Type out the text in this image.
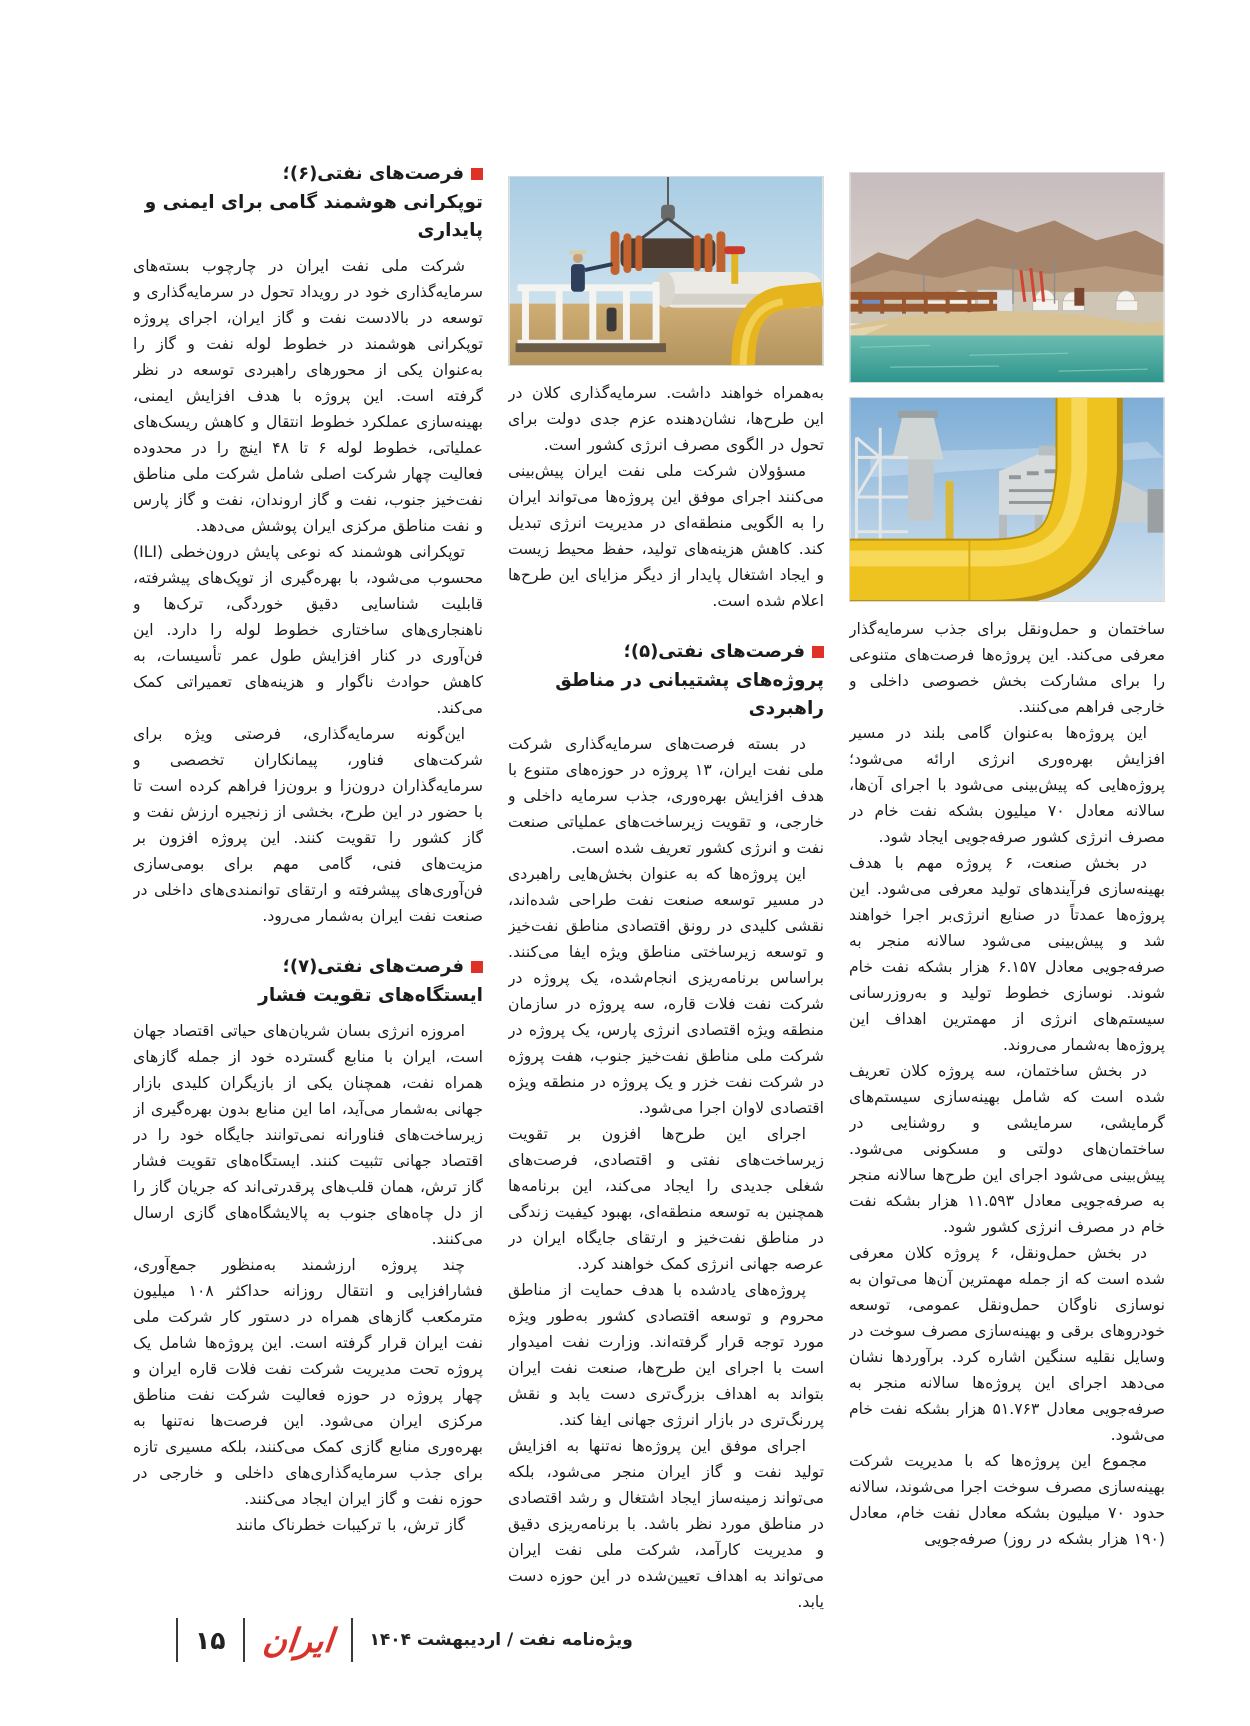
ساختمان و حمل‌ونقل برای جذب سرمایه‌گذار معرفی می‌کند. این پروژه‌ها فرصت‌های متنوعی را برای مشارکت بخش خصوصی داخلی و خارجی فراهم می‌کنند.

این پروژه‌ها به‌عنوان گامی بلند در مسیر افزایش بهره‌وری انرژی ارائه می‌شود؛ پروژه‌هایی که پیش‌بینی می‌شود با اجرای آن‌ها، سالانه معادل ۷۰ میلیون بشکه نفت خام در مصرف انرژی کشور صرفه‌جویی ایجاد شود.

در بخش صنعت، ۶ پروژه مهم با هدف بهینه‌سازی فرآیندهای تولید معرفی می‌شود. این پروژه‌ها عمدتاً در صنایع انرژی‌بر اجرا خواهند شد و پیش‌بینی می‌شود سالانه منجر به صرفه‌جویی معادل ۶.۱۵۷ هزار بشکه نفت خام شوند. نوسازی خطوط تولید و به‌روزرسانی سیستم‌های انرژی از مهمترین اهداف این پروژه‌ها به‌شمار می‌روند.

در بخش ساختمان، سه پروژه کلان تعریف شده است که شامل بهینه‌سازی سیستم‌های گرمایشی، سرمایشی و روشنایی در ساختمان‌های دولتی و مسکونی می‌شود. پیش‌بینی می‌شود اجرای این طرح‌ها سالانه منجر به صرفه‌جویی معادل ۱۱.۵۹۳ هزار بشکه نفت خام در مصرف انرژی کشور شود.

در بخش حمل‌ونقل، ۶ پروژه کلان معرفی شده است که از جمله مهمترین آن‌ها می‌توان به نوسازی ناوگان حمل‌ونقل عمومی، توسعه خودروهای برقی و بهینه‌سازی مصرف سوخت در وسایل نقلیه سنگین اشاره کرد. برآوردها نشان می‌دهد اجرای این پروژه‌ها سالانه منجر به صرفه‌جویی معادل ۵۱.۷۶۳ هزار بشکه نفت خام می‌شود.

مجموع این پروژه‌ها که با مدیریت شرکت بهینه‌سازی مصرف سوخت اجرا می‌شوند، سالانه حدود ۷۰ میلیون بشکه معادل نفت خام، معادل (۱۹۰ هزار بشکه در روز) صرفه‌جویی

به‌همراه خواهند داشت. سرمایه‌گذاری کلان در این طرح‌ها، نشان‌دهنده عزم جدی دولت برای تحول در الگوی مصرف انرژی کشور است.

مسؤولان شرکت ملی نفت ایران پیش‌بینی می‌کنند اجرای موفق این پروژه‌ها می‌تواند ایران را به الگویی منطقه‌ای در مدیریت انرژی تبدیل کند. کاهش هزینه‌های تولید، حفظ محیط زیست و ایجاد اشتغال پایدار از دیگر مزایای این طرح‌ها اعلام شده است.

فرصت‌های نفتی(۵)؛
پروژه‌های پشتیبانی در مناطق راهبردی

در بسته فرصت‌های سرمایه‌گذاری شرکت ملی نفت ایران، ۱۳ پروژه در حوزه‌های متنوع با هدف افزایش بهره‌وری، جذب سرمایه داخلی و خارجی، و تقویت زیرساخت‌های عملیاتی صنعت نفت و انرژی کشور تعریف شده است.

این پروژه‌ها که به عنوان بخش‌هایی راهبردی در مسیر توسعه صنعت نفت طراحی شده‌اند، نقشی کلیدی در رونق اقتصادی مناطق نفت‌خیز و توسعه زیرساختی مناطق ویژه ایفا می‌کنند. براساس برنامه‌ریزی انجام‌شده، یک پروژه در شرکت نفت فلات قاره، سه پروژه در سازمان منطقه ویژه اقتصادی انرژی پارس، یک پروژه در شرکت ملی مناطق نفت‌خیز جنوب، هفت پروژه در شرکت نفت خزر و یک پروژه در منطقه ویژه اقتصادی لاوان اجرا می‌شود.

اجرای این طرح‌ها افزون بر تقویت زیرساخت‌های نفتی و اقتصادی، فرصت‌های شغلی جدیدی را ایجاد می‌کند، این برنامه‌ها همچنین به توسعه منطقه‌ای، بهبود کیفیت زندگی در مناطق نفت‌خیز و ارتقای جایگاه ایران در عرصه جهانی انرژی کمک خواهند کرد.

پروژه‌های یادشده با هدف حمایت از مناطق محروم و توسعه اقتصادی کشور به‌طور ویژه مورد توجه قرار گرفته‌اند. وزارت نفت امیدوار است با اجرای این طرح‌ها، صنعت نفت ایران بتواند به اهداف بزرگ‌تری دست یابد و نقش پررنگ‌تری در بازار انرژی جهانی ایفا کند.

اجرای موفق این پروژه‌ها نه‌تنها به افزایش تولید نفت و گاز ایران منجر می‌شود، بلکه می‌تواند زمینه‌ساز ایجاد اشتغال و رشد اقتصادی در مناطق مورد نظر باشد. با برنامه‌ریزی دقیق و مدیریت کارآمد، شرکت ملی نفت ایران می‌تواند به اهداف تعیین‌شده در این حوزه دست یابد.

فرصت‌های نفتی(۶)؛
توپکرانی هوشمند گامی برای ایمنی و پایداری

شرکت ملی نفت ایران در چارچوب بسته‌های سرمایه‌گذاری خود در رویداد تحول در سرمایه‌گذاری و توسعه در بالادست نفت و گاز ایران، اجرای پروژه توپکرانی هوشمند در خطوط لوله نفت و گاز را به‌عنوان یکی از محورهای راهبردی توسعه در نظر گرفته است. این پروژه با هدف افزایش ایمنی، بهینه‌سازی عملکرد خطوط انتقال و کاهش ریسک‌های عملیاتی، خطوط لوله ۶ تا ۴۸ اینچ را در محدوده فعالیت چهار شرکت اصلی شامل شرکت ملی مناطق نفت‌خیز جنوب، نفت و گاز اروندان، نفت و گاز پارس و نفت مناطق مرکزی ایران پوشش می‌دهد.

توپکرانی هوشمند که نوعی پایش درون‌خطی (ILI) محسوب می‌شود، با بهره‌گیری از توپک‌های پیشرفته، قابلیت شناسایی دقیق خوردگی، ترک‌ها و ناهنجاری‌های ساختاری خطوط لوله را دارد. این فن‌آوری در کنار افزایش طول عمر تأسیسات، به کاهش حوادث ناگوار و هزینه‌های تعمیراتی کمک می‌کند.

این‌گونه سرمایه‌گذاری، فرصتی ویژه برای شرکت‌های فناور، پیمانکاران تخصصی و سرمایه‌گذاران درون‌زا و برون‌زا فراهم کرده است تا با حضور در این طرح، بخشی از زنجیره ارزش نفت و گاز کشور را تقویت کنند. این پروژه افزون بر مزیت‌های فنی، گامی مهم برای بومی‌سازی فن‌آوری‌های پیشرفته و ارتقای توانمندی‌های داخلی در صنعت نفت ایران به‌شمار می‌رود.

فرصت‌های نفتی(۷)؛
ایستگاه‌های تقویت فشار

امروزه انرژی بسان شریان‌های حیاتی اقتصاد جهان است، ایران با منابع گسترده خود از جمله گازهای همراه نفت، همچنان یکی از بازیگران کلیدی بازار جهانی به‌شمار می‌آید، اما این منابع بدون بهره‌گیری از زیرساخت‌های فناورانه نمی‌توانند جایگاه خود را در اقتصاد جهانی تثبیت کنند. ایستگاه‌های تقویت فشار گاز ترش، همان قلب‌های پرقدرتی‌اند که جریان گاز را از دل چاه‌های جنوب به پالایشگاه‌های گازی ارسال می‌کنند.

چند پروژه ارزشمند به‌منظور جمع‌آوری، فشارافزایی و انتقال روزانه حداکثر ۱۰۸ میلیون مترمکعب گازهای همراه در دستور کار شرکت ملی نفت ایران قرار گرفته است. این پروژه‌ها شامل یک پروژه تحت مدیریت شرکت نفت فلات قاره ایران و چهار پروژه در حوزه فعالیت شرکت نفت مناطق مرکزی ایران می‌شود. این فرصت‌ها نه‌تنها به بهره‌وری منابع گازی کمک می‌کنند، بلکه مسیری تازه برای جذب سرمایه‌گذاری‌های داخلی و خارجی در حوزه نفت و گاز ایران ایجاد می‌کنند.

گاز ترش، با ترکیبات خطرناک مانند

۱۵ ایران ویژه‌نامه نفت / اردیبهشت ۱۴۰۴
